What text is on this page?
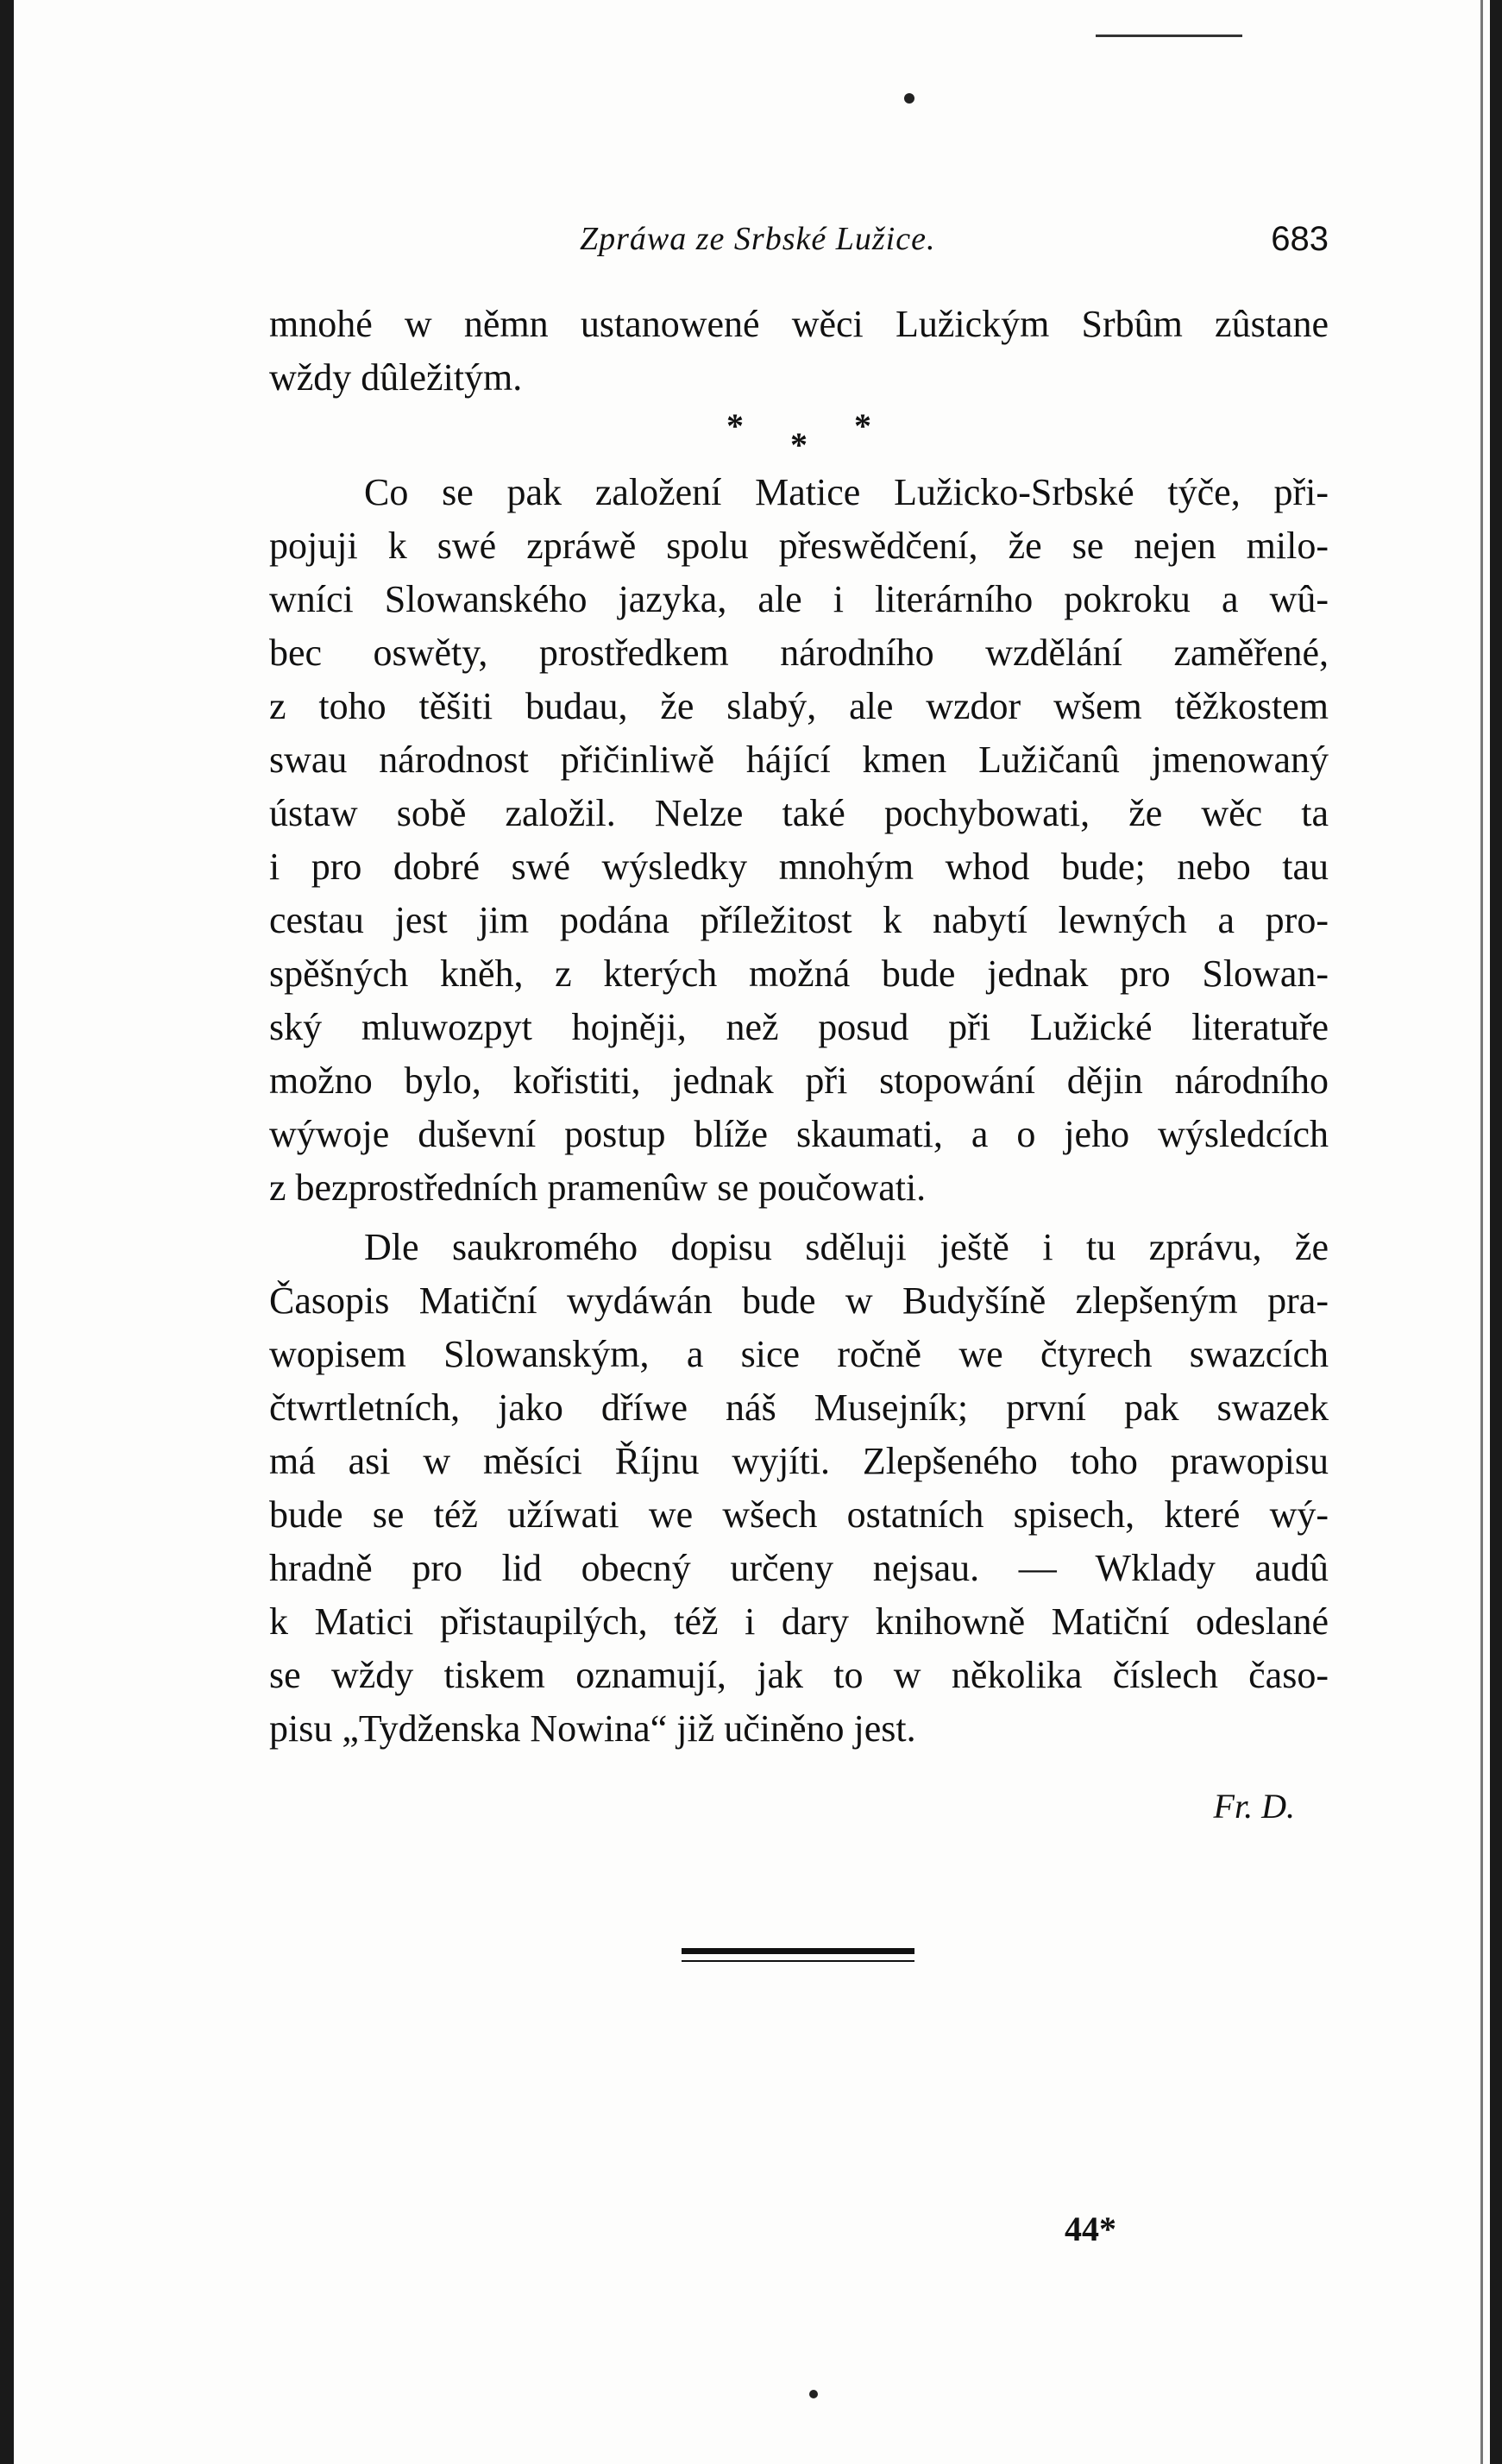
Zpráwa ze Srbské Lužice.	683
mnohé w němn ustanowené wěci Lužickým Srbûm zûstane
wždy dûležitým.
* * *
Co se pak založení Matice Lužicko-Srbské týče, při-
pojuji k swé zpráwě spolu přeswědčení, že se nejen milo-
wníci Slowanského jazyka, ale i literárního pokroku a wû-
bec oswěty, prostředkem národního wzdělání zaměřené,
z toho těšiti budau, že slabý, ale wzdor wšem těžkostem
swau národnost přičinliwě hájící kmen Lužičanû jmenowaný
ústaw sobě založil. Nelze také pochybowati, že wěc ta
i pro dobré swé wýsledky mnohým whod bude; nebo tau
cestau jest jim podána příležitost k nabytí lewných a pro-
spěšných kněh, z kterých možná bude jednak pro Slowan-
ský mluwozpyt hojněji, než posud při Lužické literatuře
možno bylo, kořistiti, jednak při stopowání dějin národního
wýwoje duševní postup blíže skaumati, a o jeho wýsledcích
z bezprostředních pramenûw se poučowati.
Dle saukromého dopisu sděluji ještě i tu zprávu, že
Časopis Matiční wydáwán bude w Budyšíně zlepšeným pra-
wopisem Slowanským, a sice ročně we čtyrech swazcích
čtwrtletních, jako dříwe náš Musejník; první pak swazek
má asi w měsíci Říjnu wyjíti. Zlepšeného toho prawopisu
bude se též užíwati we wšech ostatních spisech, které wý-
hradně pro lid obecný určeny nejsau. — Wklady audû
k Matici přistaupilých, též i dary knihowně Matiční odeslané
se wždy tiskem oznamují, jak to w několika číslech časo-
pisu „Tydženska Nowina“ již učiněno jest.
Fr. D.
44*
